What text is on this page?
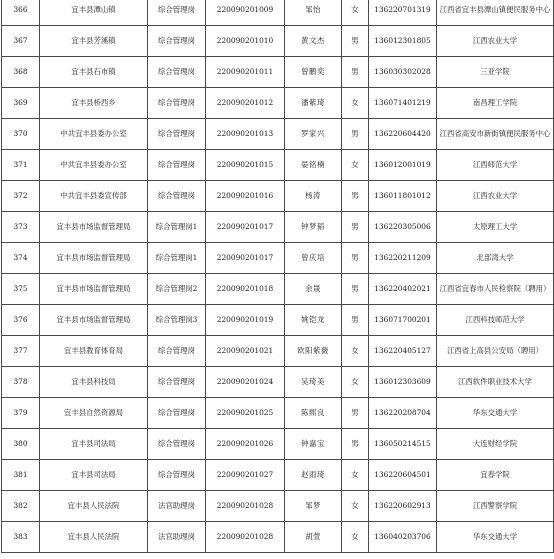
366	宜丰县潭山镇	综合管理岗	220090201009	邹怡	女	136220701319	江西省宜丰县潭山镇便民服务中心
367	宜丰县芳溪镇	综合管理岗	220090201010	黄文杰	男	136012301805	江西农业大学
368	宜丰县石市镇	综合管理岗	220090201011	曾鹏奕	男	136030302028	三亚学院
369	宜丰县桥西乡	综合管理岗	220090201012	潘紫琦	女	136071401219	南昌理工学院
370	中共宜丰县委办公室	综合管理岗	220090201013	罗家兴	男	136220604420	江西省高安市新街镇便民服务中心
371	中共宜丰县委办公室	综合管理岗	220090201015	晏铭楠	女	136012001019	江西师范大学
372	中共宜丰县委宣传部	综合管理岗	220090201016	杨涛	男	136011801012	江西农业大学
373	宜丰县市场监督管理局	综合管理岗1	220090201017	钟梦韬	男	136220305006	太原理工大学
374	宜丰县市场监督管理局	综合管理岗1	220090201017	曾庆培	男	136220211209	北部湾大学
375	宜丰县市场监督管理局	综合管理岗2	220090201018	余晟	男	136220402021	江西省宜春市人民检察院（聘用）
376	宜丰县市场监督管理局	综合管理岗3	220090201019	姚铠龙	男	136071700201	江西科技师范大学
377	宜丰县教育体育局	综合管理岗	220090201021	欧阳紫薇	女	136220405127	江西省上高县公安局（聘用）
378	宜丰县科技局	综合管理岗	220090201024	吴琦美	女	136012303609	江西软件职业技术大学
379	宜丰县自然资源局	综合管理岗	220090201025	陈熙良	男	136220208704	华东交通大学
380	宜丰县司法局	综合管理岗	220090201026	钟嘉宝	男	136050214515	大连财经学院
381	宜丰县司法局	综合管理岗	220090201027	赵雨琦	女	136220604501	宜春学院
382	宜丰县人民法院	法官助理岗	220090201028	邹梦	女	136220602913	江西警察学院
383	宜丰县人民法院	法官助理岗	220090201028	胡萱	女	136040203706	华东交通大学
